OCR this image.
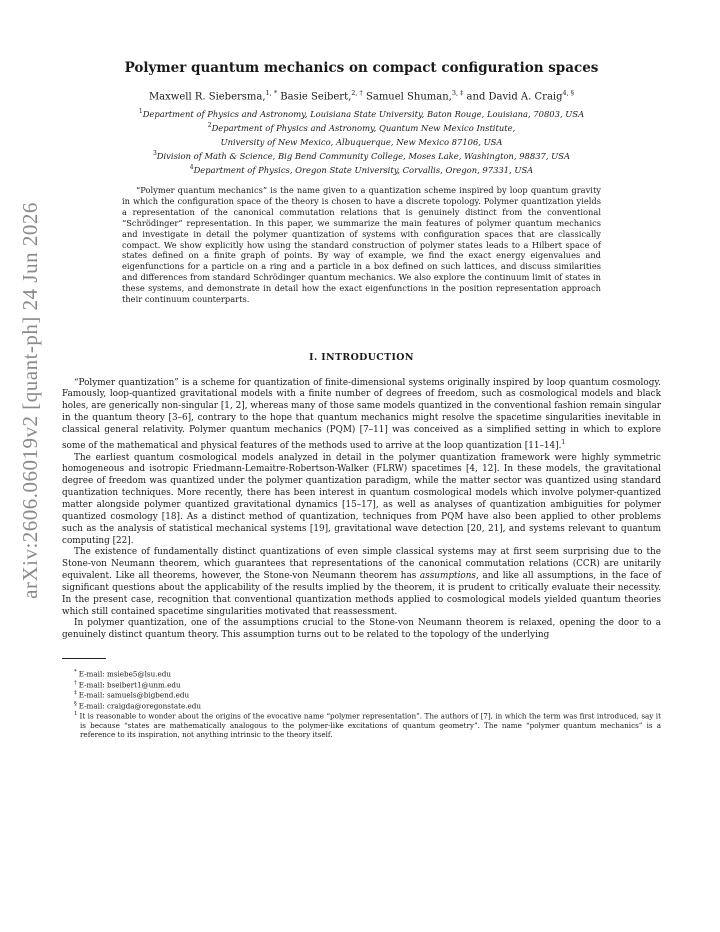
arXiv:2606.06019v2 [quant-ph] 24 Jun 2026
Polymer quantum mechanics on compact configuration spaces
Maxwell R. Siebersma,$^{1, *}$ Basie Seibert,$^{2, \dagger}$ Samuel Shuman,$^{3, \ddagger}$ and David A. Craig$^{4, \S}$
$^1$Department of Physics and Astronomy, Louisiana State University, Baton Rouge, Louisiana, 70803, USA
$^2$Department of Physics and Astronomy, Quantum New Mexico Institute,
University of New Mexico, Albuquerque, New Mexico 87106, USA
$^3$Division of Math & Science, Big Bend Community College, Moses Lake, Washington, 98837, USA
$^4$Department of Physics, Oregon State University, Corvallis, Oregon, 97331, USA

“Polymer quantum mechanics” is the name given to a quantization scheme inspired by loop quantum gravity in which the configuration space of the theory is chosen to have a discrete topology. Polymer quantization yields a representation of the canonical commutation relations that is genuinely distinct from the conventional “Schrödinger” representation. In this paper, we summarize the main features of polymer quantum mechanics and investigate in detail the polymer quantization of systems with configuration spaces that are classically compact. We show explicitly how using the standard construction of polymer states leads to a Hilbert space of states defined on a finite graph of points. By way of example, we find the exact energy eigenvalues and eigenfunctions for a particle on a ring and a particle in a box defined on such lattices, and discuss similarities and differences from standard Schrödinger quantum mechanics. We also explore the continuum limit of states in these systems, and demonstrate in detail how the exact eigenfunctions in the position representation approach their continuum counterparts.

I. INTRODUCTION

“Polymer quantization” is a scheme for quantization of finite-dimensional systems originally inspired by loop quantum cosmology. Famously, loop-quantized gravitational models with a finite number of degrees of freedom, such as cosmological models and black holes, are generically non-singular [1, 2], whereas many of those same models quantized in the conventional fashion remain singular in the quantum theory [3–6], contrary to the hope that quantum mechanics might resolve the spacetime singularities inevitable in classical general relativity. Polymer quantum mechanics (PQM) [7–11] was conceived as a simplified setting in which to explore some of the mathematical and physical features of the methods used to arrive at the loop quantization [11–14].$^1$

The earliest quantum cosmological models analyzed in detail in the polymer quantization framework were highly symmetric homogeneous and isotropic Friedmann-Lemaitre-Robertson-Walker (FLRW) spacetimes [4, 12]. In these models, the gravitational degree of freedom was quantized under the polymer quantization paradigm, while the matter sector was quantized using standard quantization techniques. More recently, there has been interest in quantum cosmological models which involve polymer-quantized matter alongside polymer quantized gravitational dynamics [15–17], as well as analyses of quantization ambiguities for polymer quantized cosmology [18]. As a distinct method of quantization, techniques from PQM have also been applied to other problems such as the analysis of statistical mechanical systems [19], gravitational wave detection [20, 21], and systems relevant to quantum computing [22].

The existence of fundamentally distinct quantizations of even simple classical systems may at first seem surprising due to the Stone-von Neumann theorem, which guarantees that representations of the canonical commutation relations (CCR) are unitarily equivalent. Like all theorems, however, the Stone-von Neumann theorem has assumptions, and like all assumptions, in the face of significant questions about the applicability of the results implied by the theorem, it is prudent to critically evaluate their necessity. In the present case, recognition that conventional quantization methods applied to cosmological models yielded quantum theories which still contained spacetime singularities motivated that reassessment.

In polymer quantization, one of the assumptions crucial to the Stone-von Neumann theorem is relaxed, opening the door to a genuinely distinct quantum theory. This assumption turns out to be related to the topology of the underlying

* E-mail: msiebe5@lsu.edu

† E-mail: bseibert1@unm.edu

‡ E-mail: samuels@bigbend.edu

§ E-mail: craigda@oregonstate.edu

$^1$ It is reasonable to wonder about the origins of the evocative name “polymer representation”. The authors of [7], in which the term was first introduced, say it is because “states are mathematically analogous to the polymer-like excitations of quantum geometry”. The name “polymer quantum mechanics” is a reference to its inspiration, not anything intrinsic to the theory itself.
